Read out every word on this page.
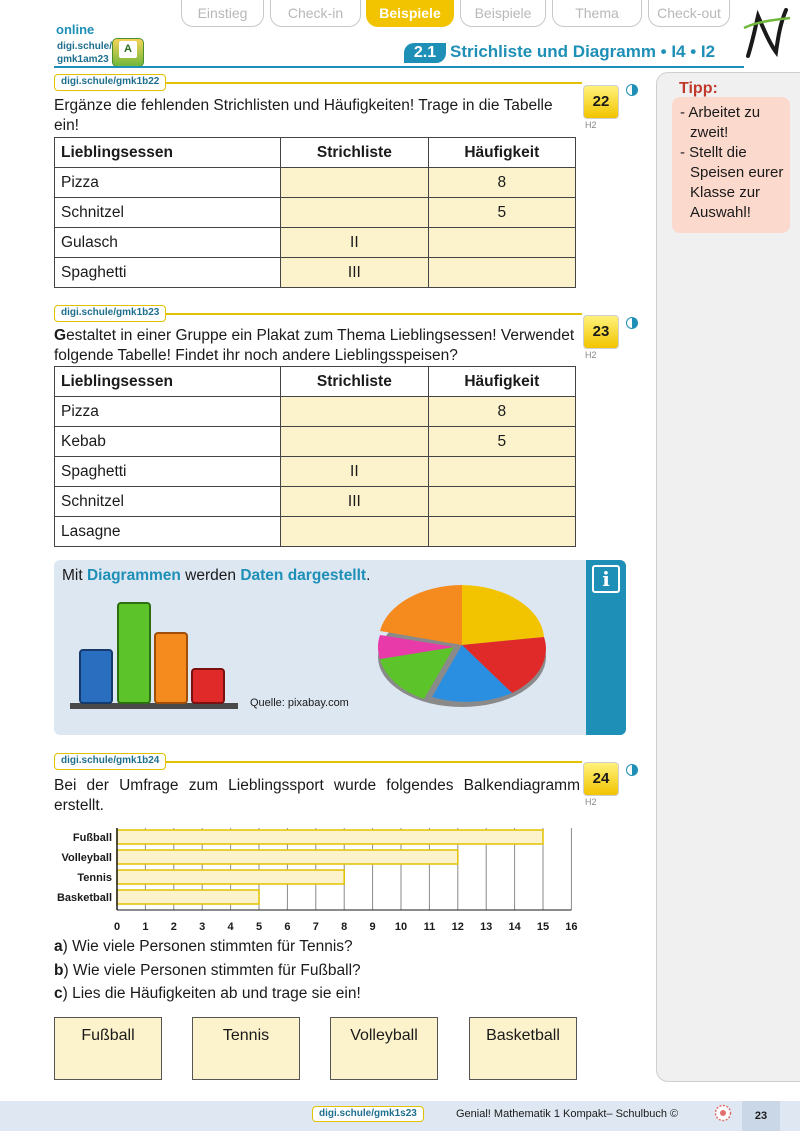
Einstieg	Check-in	Beispiele	Beispiele	Thema	Check-out
online
digi.schule/
gmk1am23
A	2.1 Strichliste und Diagramm • I4 • I2
N
Tipp:
- Arbeitet zu zweit!
- Stellt die Speisen eurer Klasse zur Auswahl!
digi.schule/gmk1b22
Ergänze die fehlenden Strichlisten und Häufigkeiten! Trage in die Tabelle ein!
22
H2
Lieblingsessen	Strichliste	Häufigkeit
Pizza		8
Schnitzel		5
Gulasch	II	
Spaghetti	III	
digi.schule/gmk1b23
Gestaltet in einer Gruppe ein Plakat zum Thema Lieblingsessen! Verwendet folgende Tabelle! Findet ihr noch andere Lieblingsspeisen?
23
H2
Lieblingsessen	Strichliste	Häufigkeit
Pizza		8
Kebab		5
Spaghetti	II	
Schnitzel	III	
Lasagne		
i
Mit Diagrammen werden Daten dargestellt.
Quelle: pixabay.com
digi.schule/gmk1b24
Bei der Umfrage zum Lieblingssport wurde folgendes Balkendiagramm erstellt.
24
H2
0 1 2 3 4 5 6 7 8 9 10 11 12 13 14 15 16
Fußball
Volleyball
Tennis
Basketball
a) Wie viele Personen stimmten für Tennis?
b) Wie viele Personen stimmten für Fußball?
c) Lies die Häufigkeiten ab und trage sie ein!
Fußball	Tennis	Volleyball	Basketball
digi.schule/gmk1s23	Genial! Mathematik 1 Kompakt– Schulbuch ©	23
